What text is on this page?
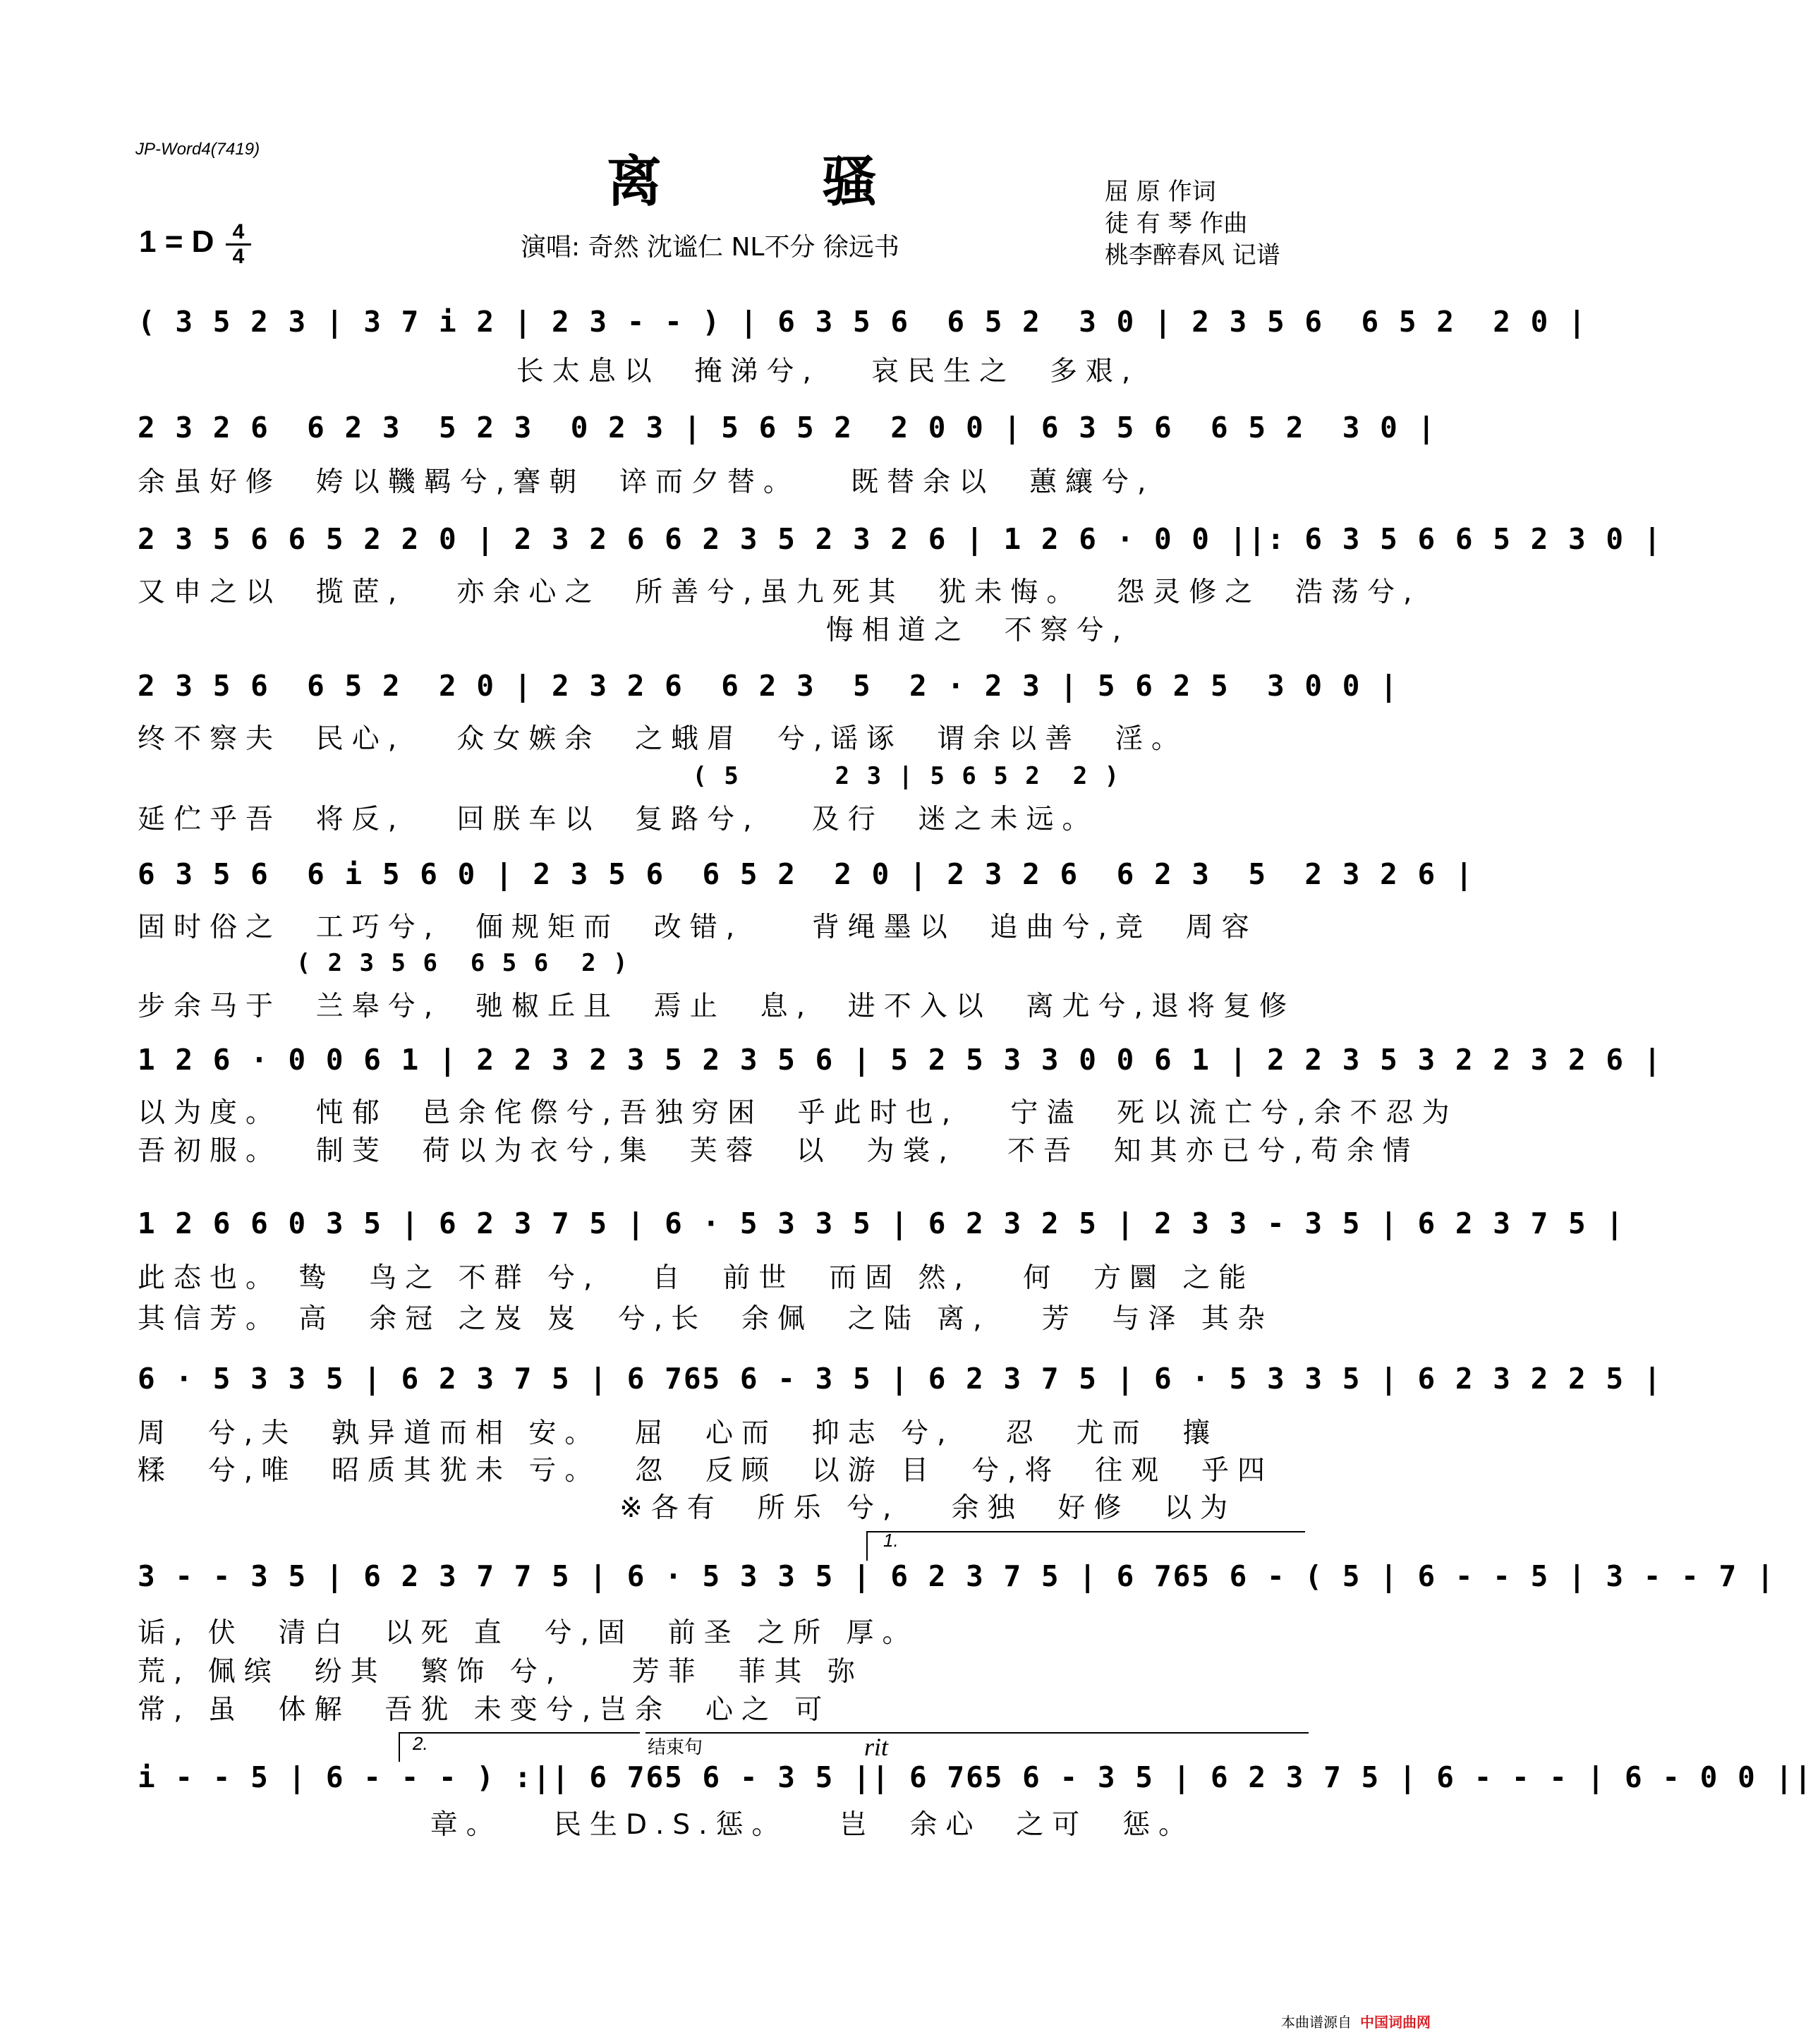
JP-Word4(7419)
离 骚
1 = D 4
4	演唱: 奇然 沈谧仁 NL不分 徐远书
屈 原 作词
徒 有 琴 作曲
桃李醉春风 记谱
( 3 5 2 3 | 3 7 i 2 | 2 3 - - ) | 6 3 5 6  6 5 2  3 0 | 2 3 5 6  6 5 2  2 0 |
长太息以  掩涕兮,   哀民生之  多艰,
2 3 2 6  6 2 3  5 2 3  0 2 3 | 5 6 5 2  2 0 0 | 6 3 5 6  6 5 2  3 0 |
余虽好修  姱以鞿羁兮,謇朝  谇而夕替。   既替余以  蕙纕兮,
2 3 5 6 6 5 2 2 0 | 2 3 2 6 6 2 3 5 2 3 2 6 | 1 2 6 · 0 0 ||: 6 3 5 6 6 5 2 3 0 |
又申之以  揽茝,   亦余心之  所善兮,虽九死其  犹未悔。  怨灵修之  浩荡兮,
悔相道之  不察兮,
2 3 5 6  6 5 2  2 0 | 2 3 2 6  6 2 3  5  2 · 2 3 | 5 6 2 5  3 0 0 |
终不察夫  民心,   众女嫉余  之蛾眉  兮,谣诼  谓余以善  淫。
( 5      2 3 | 5 6 5 2  2 )
延伫乎吾  将反,   回朕车以  复路兮,   及行  迷之未远。
6 3 5 6  6 i 5 6 0 | 2 3 5 6  6 5 2  2 0 | 2 3 2 6  6 2 3  5  2 3 2 6 |
固时俗之  工巧兮,  偭规矩而  改错,    背绳墨以  追曲兮,竞  周容
( 2 3 5 6  6 5 6  2 )
步余马于  兰皋兮,  驰椒丘且  焉止  息,  进不入以  离尤兮,退将复修
1 2 6 · 0 0 6 1 | 2 2 3 2 3 5 2 3 5 6 | 5 2 5 3 3 0 0 6 1 | 2 2 3 5 3 2 2 3 2 6 |
以为度。  忳郁  邑余侘傺兮,吾独穷困  乎此时也,   宁溘  死以流亡兮,余不忍为
吾初服。  制芰  荷以为衣兮,集  芙蓉  以  为裳,   不吾  知其亦已兮,苟余情
1 2 6 6 0 3 5 | 6 2 3 7 5 | 6 · 5 3 3 5 | 6 2 3 2 5 | 2 3 3 - 3 5 | 6 2 3 7 5 |
此态也。 鸷  鸟之 不群 兮,   自  前世  而固 然,   何  方圜 之能
其信芳。 高  余冠 之岌 岌  兮,长  余佩  之陆 离,   芳  与泽 其杂
6 · 5 3 3 5 | 6 2 3 7 5 | 6 765 6 - 3 5 | 6 2 3 7 5 | 6 · 5 3 3 5 | 6 2 3 2 2 5 |
周  兮,夫  孰异道而相 安。  屈  心而  抑志 兮,   忍  尤而  攘
糅  兮,唯  昭质其犹未 亏。  忽  反顾  以游 目  兮,将  往观  乎四
※各有  所乐 兮,   余独  好修  以为
3 - - 3 5 | 6 2 3 7 7 5 | 6 · 5 3 3 5 | 6 2 3 7 5 | 6 765 6 - ( 5 | 6 - - 5 | 3 - - 7 |
诟, 伏  清白  以死 直  兮,固  前圣 之所 厚。
荒, 佩缤  纷其  繁饰 兮,    芳菲  菲其 弥
常, 虽  体解  吾犹 未变兮,岂余  心之 可
i - - 5 | 6 - - - ) :|| 6 765 6 - 3 5 || 6 765 6 - 3 5 | 6 2 3 7 5 | 6 - - - | 6 - 0 0 ||
章。   民生D.S.惩。   岂  余心  之可  惩。
1.
2.	结束句	rit
本曲谱源自 中国词曲网
